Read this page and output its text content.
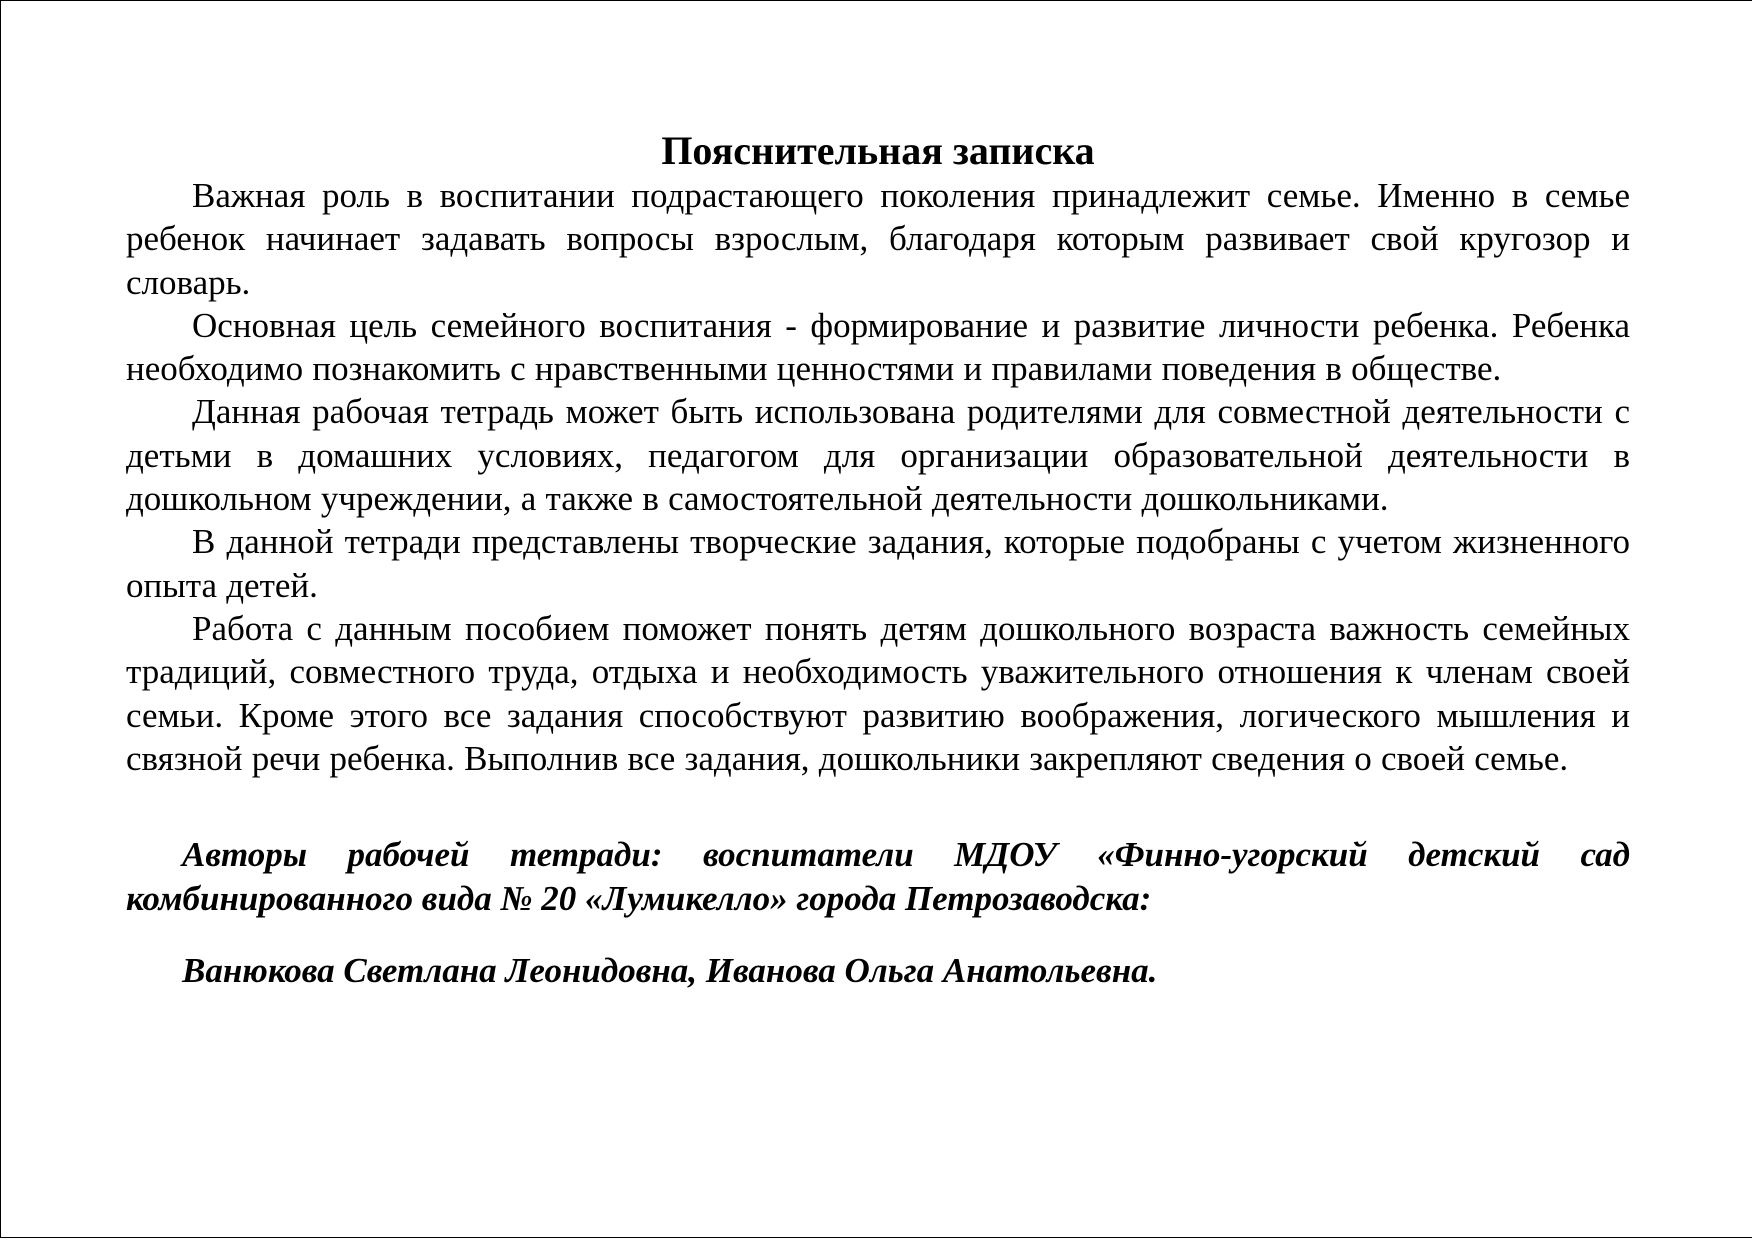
Пояснительная записка

Важная роль в воспитании подрастающего поколения принадлежит семье. Именно в семье ребенок начинает задавать вопросы взрослым, благодаря которым развивает свой кругозор и словарь.

Основная цель семейного воспитания - формирование и развитие личности ребенка. Ребенка необходимо познакомить с нравственными ценностями и правилами поведения в обществе.

Данная рабочая тетрадь может быть использована родителями для совместной деятельности с детьми в домашних условиях, педагогом для организации образовательной деятельности в дошкольном учреждении, а также в самостоятельной деятельности дошкольниками.

В данной тетради представлены творческие задания, которые подобраны с учетом жизненного опыта детей.

Работа с данным пособием поможет понять детям дошкольного возраста важность семейных традиций, совместного труда, отдыха и необходимость уважительного отношения к членам своей семьи. Кроме этого все задания способствуют развитию воображения, логического мышления и связной речи ребенка. Выполнив все задания, дошкольники закрепляют сведения о своей семье.

Авторы рабочей тетради: воспитатели МДОУ «Финно-угорский детский сад комбинированного вида № 20 «Лумикелло» города Петрозаводска:
Ванюкова Светлана Леонидовна, Иванова Ольга Анатольевна.
